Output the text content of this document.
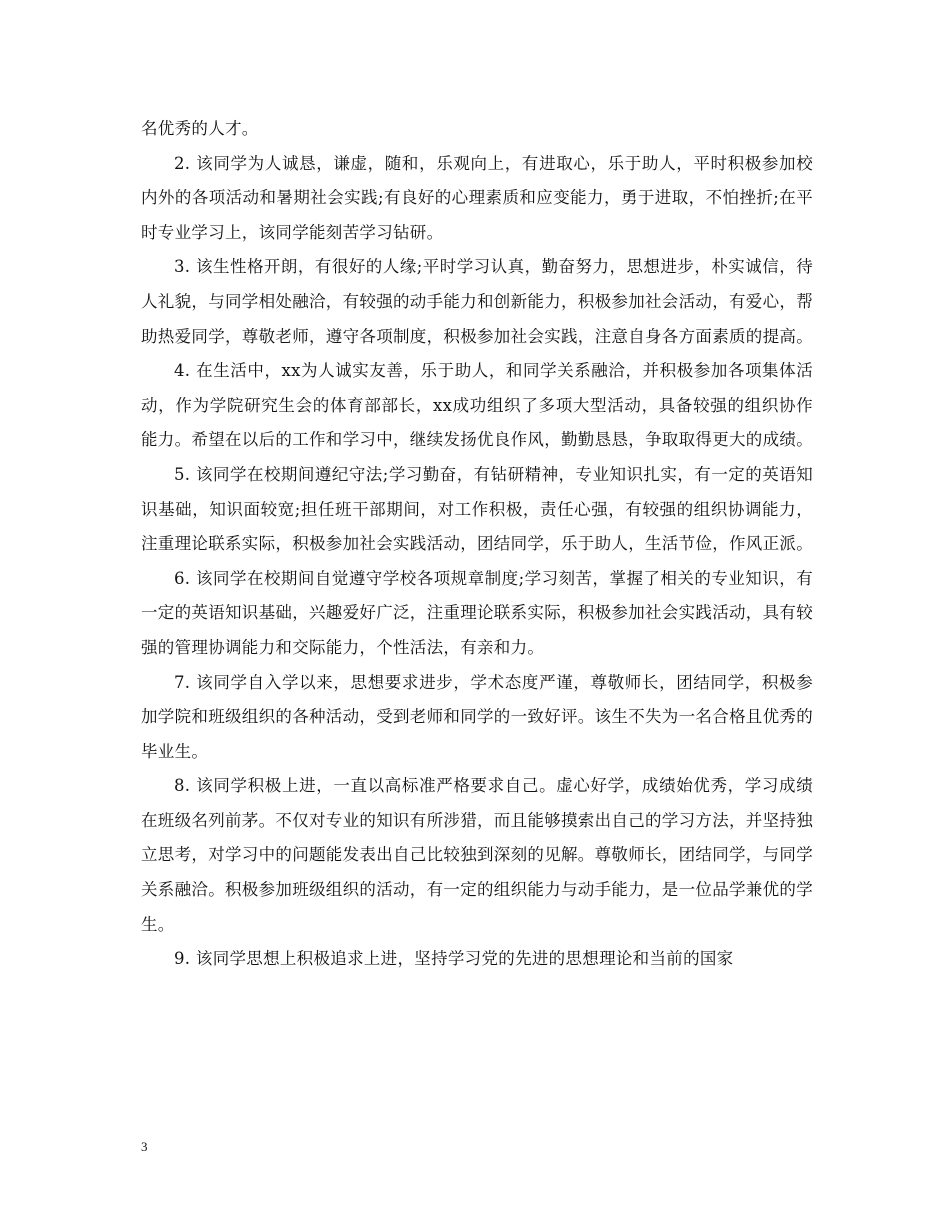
名优秀的人才。

2. 该同学为人诚恳，谦虚，随和，乐观向上，有进取心，乐于助人，平时积极参加校内外的各项活动和暑期社会实践;有良好的心理素质和应变能力，勇于进取，不怕挫折;在平时专业学习上，该同学能刻苦学习钻研。

3. 该生性格开朗，有很好的人缘;平时学习认真，勤奋努力，思想进步，朴实诚信，待人礼貌，与同学相处融洽，有较强的动手能力和创新能力，积极参加社会活动，有爱心，帮助热爱同学，尊敬老师，遵守各项制度，积极参加社会实践，注意自身各方面素质的提高。

4. 在生活中，xx为人诚实友善，乐于助人，和同学关系融洽，并积极参加各项集体活动，作为学院研究生会的体育部部长，xx成功组织了多项大型活动，具备较强的组织协作能力。希望在以后的工作和学习中，继续发扬优良作风，勤勤恳恳，争取取得更大的成绩。

5. 该同学在校期间遵纪守法;学习勤奋，有钻研精神，专业知识扎实，有一定的英语知识基础，知识面较宽;担任班干部期间，对工作积极，责任心强，有较强的组织协调能力，注重理论联系实际，积极参加社会实践活动，团结同学，乐于助人，生活节俭，作风正派。

6. 该同学在校期间自觉遵守学校各项规章制度;学习刻苦，掌握了相关的专业知识，有一定的英语知识基础，兴趣爱好广泛，注重理论联系实际，积极参加社会实践活动，具有较强的管理协调能力和交际能力，个性活法，有亲和力。

7. 该同学自入学以来，思想要求进步，学术态度严谨，尊敬师长，团结同学，积极参加学院和班级组织的各种活动，受到老师和同学的一致好评。该生不失为一名合格且优秀的毕业生。

8. 该同学积极上进，一直以高标准严格要求自己。虚心好学，成绩始优秀，学习成绩在班级名列前茅。不仅对专业的知识有所涉猎，而且能够摸索出自己的学习方法，并坚持独立思考，对学习中的问题能发表出自己比较独到深刻的见解。尊敬师长，团结同学，与同学关系融洽。积极参加班级组织的活动，有一定的组织能力与动手能力，是一位品学兼优的学生。

9. 该同学思想上积极追求上进，坚持学习党的先进的思想理论和当前的国家

3
